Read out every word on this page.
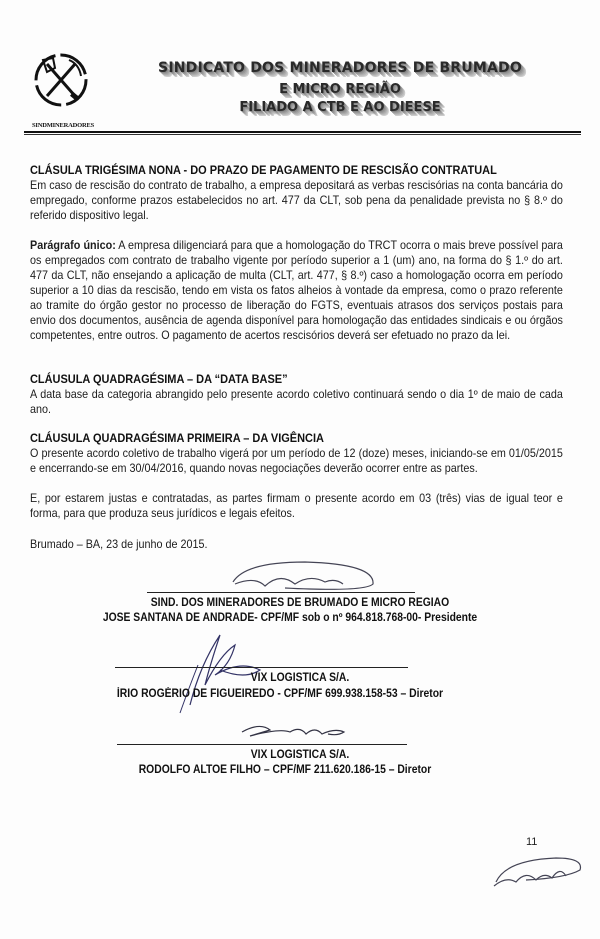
SINDMINERADORES
SINDICATO DOS MINERADORES DE BRUMADO
E MICRO REGIÃO
FILIADO A CTB E AO DIEESE
CLÁSULA TRIGÉSIMA NONA - DO PRAZO DE PAGAMENTO DE RESCISÃO CONTRATUAL
Em caso de rescisão do contrato de trabalho, a empresa depositará as verbas rescisórias na conta bancária do empregado, conforme prazos estabelecidos no art. 477 da CLT, sob pena da penalidade prevista no § 8.º do referido dispositivo legal.
Parágrafo único: A empresa diligenciará para que a homologação do TRCT ocorra o mais breve possível para os empregados com contrato de trabalho vigente por período superior a 1 (um) ano, na forma do § 1.º do art. 477 da CLT, não ensejando a aplicação de multa (CLT, art. 477, § 8.º) caso a homologação ocorra em período superior a 10 dias da rescisão, tendo em vista os fatos alheios à vontade da empresa, como o prazo referente ao tramite do órgão gestor no processo de liberação do FGTS, eventuais atrasos dos serviços postais para envio dos documentos, ausência de agenda disponível para homologação das entidades sindicais e ou órgãos competentes, entre outros. O pagamento de acertos rescisórios deverá ser efetuado no prazo da lei.
CLÁUSULA QUADRAGÉSIMA – DA “DATA BASE”
A data base da categoria abrangido pelo presente acordo coletivo continuará sendo o dia 1º de maio de cada ano.
CLÁUSULA QUADRAGÉSIMA PRIMEIRA – DA VIGÊNCIA
O presente acordo coletivo de trabalho vigerá por um período de 12 (doze) meses, iniciando-se em 01/05/2015 e encerrando-se em 30/04/2016, quando novas negociações deverão ocorrer entre as partes.
E, por estarem justas e contratadas, as partes firmam o presente acordo em 03 (três) vias de igual teor e forma, para que produza seus jurídicos e legais efeitos.
Brumado – BA, 23 de junho de 2015.
SIND. DOS MINERADORES DE BRUMADO E MICRO REGIAO
JOSE SANTANA DE ANDRADE- CPF/MF sob o nº 964.818.768-00- Presidente
VIX LOGISTICA S/A.
ÍRIO ROGÉRIO DE FIGUEIREDO - CPF/MF 699.938.158-53 – Diretor
VIX LOGISTICA S/A.
RODOLFO ALTOE FILHO – CPF/MF 211.620.186-15 – Diretor
11
